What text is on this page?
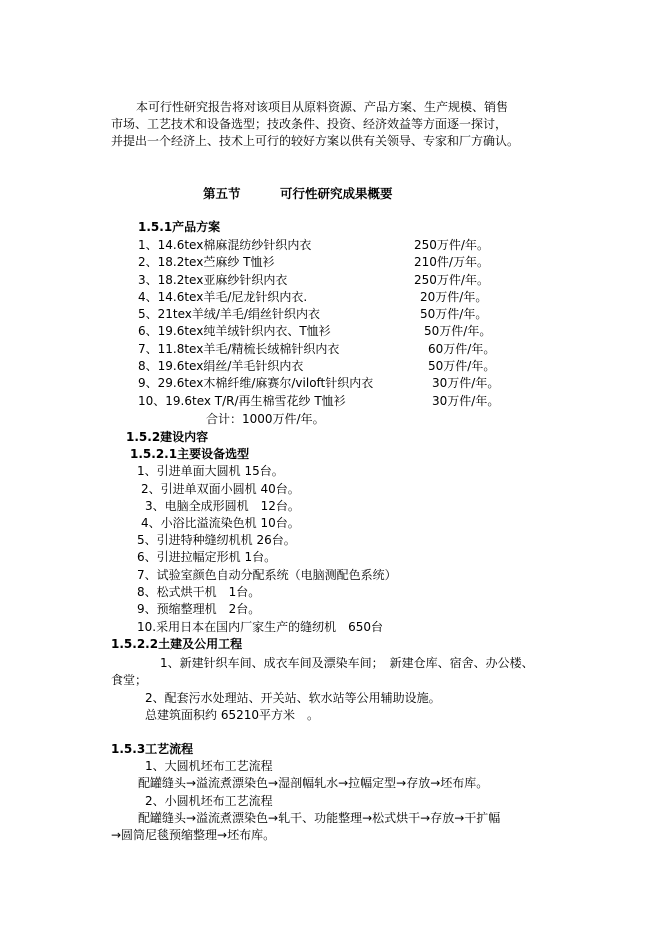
本可行性研究报告将对该项目从原料资源、产品方案、生产规模、销售
市场、工艺技术和设备选型；技改条件、投资、经济效益等方面逐一探讨，
并提出一个经济上、技术上可行的较好方案以供有关领导、专家和厂方确认。
第五节	可行性研究成果概要
1.5.1产品方案
1、14.6tex棉麻混纺纱针织内衣	250万件/年。
2、18.2tex苎麻纱 T恤衫	210件/万年。
3、18.2tex亚麻纱针织内衣	250万件/年。
4、14.6tex羊毛/尼龙针织内衣.	20万件/年。
5、21tex羊绒/羊毛/绢丝针织内衣	50万件/年。
6、19.6tex纯羊绒针织内衣、T恤衫	50万件/年。
7、11.8tex羊毛/精梳长绒棉针织内衣	60万件/年。
8、19.6tex绢丝/羊毛针织内衣	50万件/年。
9、29.6tex木棉纤维/麻赛尔/viloft针织内衣	30万件/年。
10、19.6tex T/R/再生棉雪花纱 T恤衫	30万件/年。
合计：1000万件/年。
1.5.2建设内容
1.5.2.1主要设备选型
1、引进单面大圆机 15台。
2、引进单双面小圆机 40台。
3、电脑全成形圆机　12台。
4、小浴比溢流染色机 10台。
5、引进特种缝纫机机 26台。
6、引进拉幅定形机 1台。
7、试验室颜色自动分配系统（电脑测配色系统）
8、松式烘干机　1台。
9、预缩整理机　2台。
10.采用日本在国内厂家生产的缝纫机　650台
1.5.2.2土建及公用工程
1、新建针织车间、成衣车间及漂染车间；　新建仓库、宿舍、办公楼、
食堂；
2、配套污水处理站、开关站、软水站等公用辅助设施。
总建筑面积约 65210平方米　。
1.5.3工艺流程
1、大圆机坯布工艺流程
配罐缝头→溢流煮漂染色→湿剖幅轧水→拉幅定型→存放→坯布库。
2、小圆机坯布工艺流程
配罐缝头→溢流煮漂染色→轧干、功能整理→松式烘干→存放→干扩幅
→圆筒尼毯预缩整理→坯布库。
